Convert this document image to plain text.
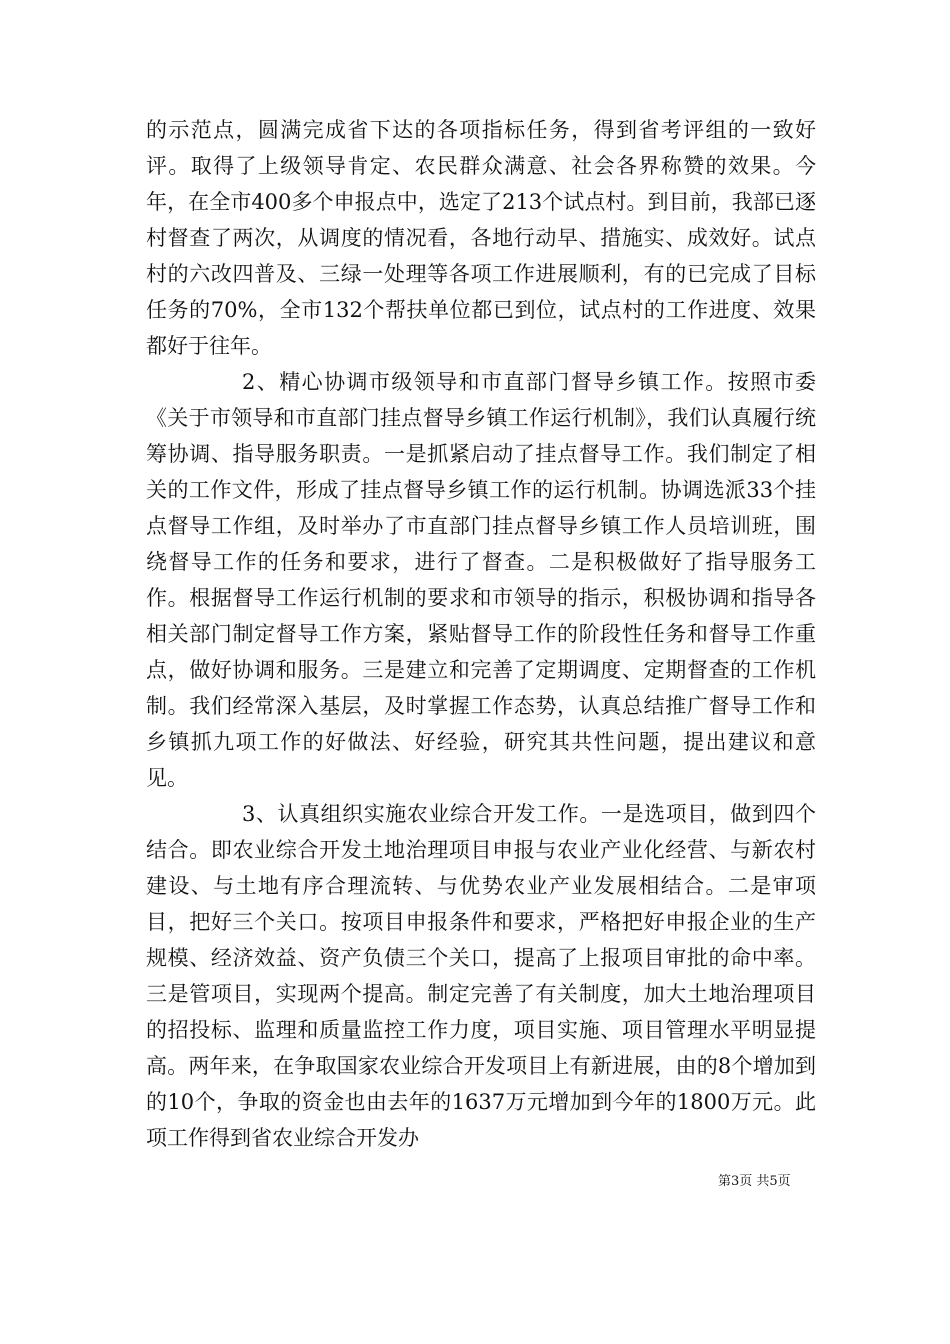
的示范点，圆满完成省下达的各项指标任务，得到省考评组的一致好评。取得了上级领导肯定、农民群众满意、社会各界称赞的效果。今年，在全市400多个申报点中，选定了213个试点村。到目前，我部已逐村督查了两次，从调度的情况看，各地行动早、措施实、成效好。试点村的六改四普及、三绿一处理等各项工作进展顺利，有的已完成了目标任务的70%，全市132个帮扶单位都已到位，试点村的工作进度、效果都好于往年。

2、精心协调市级领导和市直部门督导乡镇工作。按照市委《关于市领导和市直部门挂点督导乡镇工作运行机制》，我们认真履行统筹协调、指导服务职责。一是抓紧启动了挂点督导工作。我们制定了相关的工作文件，形成了挂点督导乡镇工作的运行机制。协调选派33个挂点督导工作组，及时举办了市直部门挂点督导乡镇工作人员培训班，围绕督导工作的任务和要求，进行了督查。二是积极做好了指导服务工作。根据督导工作运行机制的要求和市领导的指示，积极协调和指导各相关部门制定督导工作方案，紧贴督导工作的阶段性任务和督导工作重点，做好协调和服务。三是建立和完善了定期调度、定期督查的工作机制。我们经常深入基层，及时掌握工作态势，认真总结推广督导工作和乡镇抓九项工作的好做法、好经验，研究其共性问题，提出建议和意见。

3、认真组织实施农业综合开发工作。一是选项目，做到四个结合。即农业综合开发土地治理项目申报与农业产业化经营、与新农村建设、与土地有序合理流转、与优势农业产业发展相结合。二是审项目，把好三个关口。按项目申报条件和要求，严格把好申报企业的生产规模、经济效益、资产负债三个关口，提高了上报项目审批的命中率。三是管项目，实现两个提高。制定完善了有关制度，加大土地治理项目的招投标、监理和质量监控工作力度，项目实施、项目管理水平明显提高。两年来，在争取国家农业综合开发项目上有新进展，由的8个增加到的10个，争取的资金也由去年的1637万元增加到今年的1800万元。此项工作得到省农业综合开发办

第3页 共5页
